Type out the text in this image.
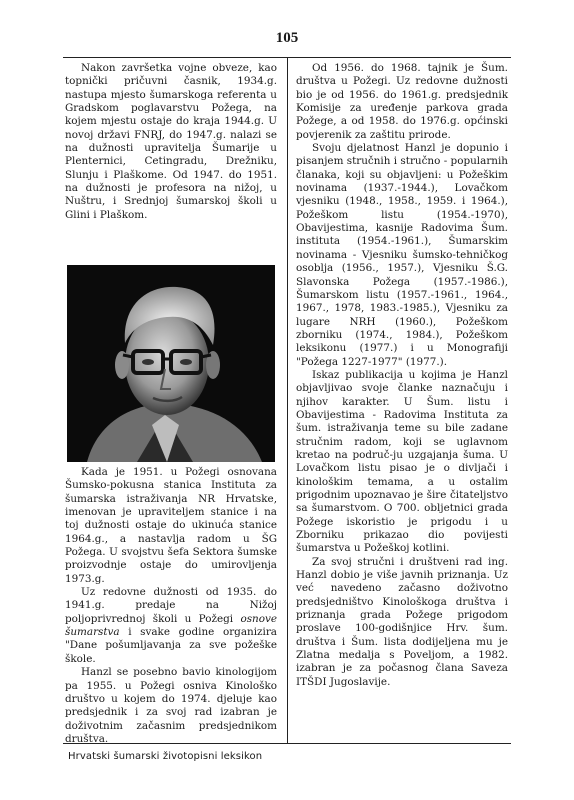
105

Nakon završetka vojne obveze, kao topnički pričuvni časnik, 1934.g. nastupa mjesto šumarskoga referenta u Gradskom poglavarstvu Požega, na kojem mjestu ostaje do kraja 1944.g. U novoj državi FNRJ, do 1947.g. nalazi se na dužnosti upravitelja Šumarije u Plenternici, Cetingradu, Drežniku, Slunju i Plaškome. Od 1947. do 1951. na dužnosti je profesora na nižoj, u Nuštru, i Srednjoj šumarskoj školi u Glini i Plaškom.

Kada je 1951. u Požegi osnovana Šumsko-pokusna stanica Instituta za šumarska istraživanja NR Hrvatske, imenovan je upraviteljem stanice i na toj dužnosti ostaje do ukinuća stanice 1964.g., a nastavlja radom u ŠG Požega. U svojstvu šefa Sektora šumske proizvodnje ostaje do umirovljenja 1973.g.

Uz redovne dužnosti od 1935. do 1941.g. predaje na Nižoj poljoprivrednoj školi u Požegi osnove šumarstva i svake godine organizira "Dane pošumljavanja za sve požeške škole.

Hanzl se posebno bavio kinologijom pa 1955. u Požegi osniva Kinološko društvo u kojem do 1974. djeluje kao predsjednik i za svoj rad izabran je doživotnim začasnim predsjednikom društva.

Od 1956. do 1968. tajnik je Šum. društva u Požegi. Uz redovne dužnosti bio je od 1956. do 1961.g. predsjednik Komisije za uređenje parkova grada Požege, a od 1958. do 1976.g. općinski povjerenik za zaštitu prirode.

Svoju djelatnost Hanzl je dopunio i pisanjem stručnih i stručno - popularnih članaka, koji su objavljeni: u Požeškim novinama (1937.-1944.), Lovačkom vjesniku (1948., 1958., 1959. i 1964.), Požeškom listu (1954.-1970), Obavijestima, kasnije Radovima Šum. instituta (1954.-1961.), Šumarskim novinama - Vjesniku šumsko-tehničkog osoblja (1956., 1957.), Vjesniku Š.G. Slavonska Požega (1957.-1986.), Šumarskom listu (1957.-1961., 1964., 1967., 1978, 1983.-1985.), Vjesniku za lugare NRH (1960.), Požeškom zborniku (1974., 1984.), Požeškom leksikonu (1977.) i u Monografiji "Požega 1227-1977" (1977.).

Iskaz publikacija u kojima je Hanzl objavljivao svoje članke naznačuju i njihov karakter. U Šum. listu i Obavijestima - Radovima Instituta za šum. istraživanja teme su bile zadane stručnim radom, koji se uglavnom kretao na područ-ju uzgajanja šuma. U Lovačkom listu pisao je o divljači i kinološkim temama, a u ostalim prigodnim upoznavao je šire čitateljstvo sa šumarstvom. O 700. obljetnici grada Požege iskoristio je prigodu i u Zborniku prikazao dio povijesti šumarstva u Požeškoj kotlini.

Za svoj stručni i društveni rad ing. Hanzl dobio je više javnih priznanja. Uz već navedeno začasno doživotno predsjedništvo Kinološkoga društva i priznanja grada Požege prigodom proslave 100-godišnjice Hrv. šum. društva i Šum. lista dodijeljena mu je Zlatna medalja s Poveljom, a 1982. izabran je za počasnog člana Saveza ITŠDI Jugoslavije.

Hrvatski šumarski životopisni leksikon
